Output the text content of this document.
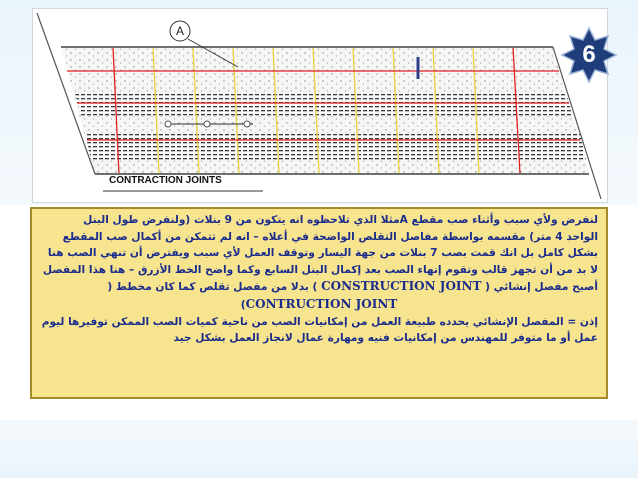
A
CONTRACTION JOINTS
6
لنفرض ولأي سبب وأثناء صب مقطع Aمثلا الذي تلاحظوه انه يتكون من 9 بنلات (ولنفرض طول البنل
الواحد 4 متر) مقسمه بواسطة مفاصل التقلص الواضحة في أعلاه – انه لم تتمكن من أكمال صب المقطع
بشكل كامل بل انك قمت بصب 7 بنلات من جهة اليسار وتوقف العمل لأي سبب ويفترض أن تنهي الصب هنا
لا بد من أن تجهز قالب وتقوم إنهاء الصب بعد إكمال البنل السابع وكما واضح الخط الأزرق – هنا هذا المفصل
أصبح مفصل إنشائي ( CONSTRUCTION JOINT ) بدلا من مفصل تقلص كما كان مخطط (
CONTRUCTION JOINT)
إذن = المفصل الإنشائي يحدده طبيعة العمل من إمكانيات الصب من ناحية كميات الصب الممكن توفيرها ليوم
عمل أو ما متوفر للمهندس من إمكانيات فنيه ومهارة عمال لانجاز العمل بشكل جيد
